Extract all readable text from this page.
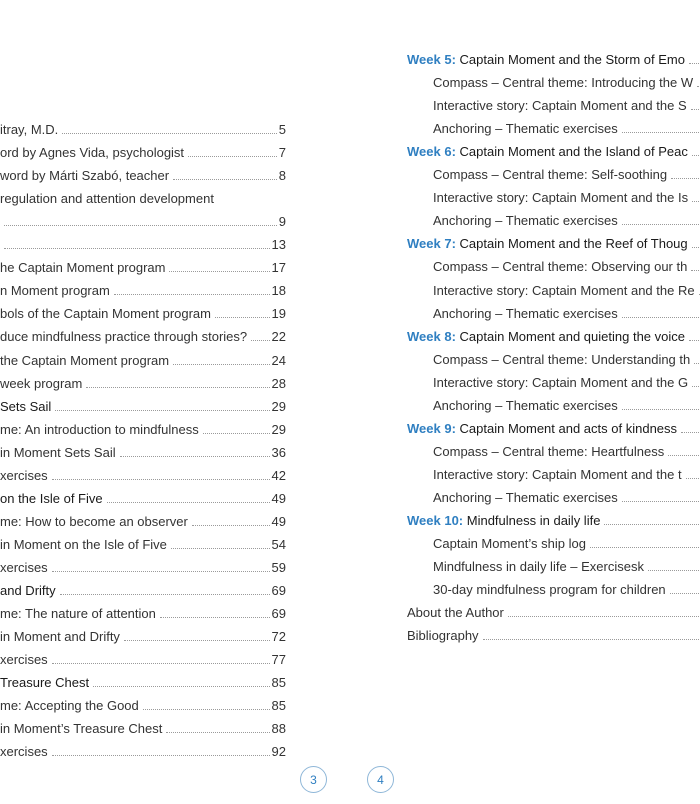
itray, M.D.	5
ord by Agnes Vida, psychologist	7
word by Márti Szabó, teacher	8
regulation and attention development
9
13
he Captain Moment program	17
n Moment program	18
bols of the Captain Moment program	19
duce mindfulness practice through stories? 22
the Captain Moment program	24
week program	28
Sets Sail	29
me: An introduction to mindfulness	29
in Moment Sets Sail	36
xercises	42
on the Isle of Five	49
me: How to become an observer	49
in Moment on the Isle of Five	54
xercises	59
and Drifty	69
me: The nature of attention	69
in Moment and Drifty	72
xercises	77
Treasure Chest	85
me: Accepting the Good	85
in Moment’s Treasure Chest	88
xercises	92
Week 5: Captain Moment and the Storm of Emo
Compass – Central theme: Introducing the W
Interactive story: Captain Moment and the S
Anchoring – Thematic exercises
Week 6: Captain Moment and the Island of Peac
Compass – Central theme: Self-soothing
Interactive story: Captain Moment and the Is
Anchoring – Thematic exercises
Week 7: Captain Moment and the Reef of Thoug
Compass – Central theme: Observing our th
Interactive story: Captain Moment and the Re
Anchoring – Thematic exercises
Week 8: Captain Moment and quieting the voice
Compass – Central theme: Understanding th
Interactive story: Captain Moment and the G
Anchoring – Thematic exercises
Week 9: Captain Moment and acts of kindness
Compass – Central theme: Heartfulness
Interactive story: Captain Moment and the t
Anchoring – Thematic exercises
Week 10: Mindfulness in daily life
Captain Moment’s ship log
Mindfulness in daily life – Exercisesk
30-day mindfulness program for children
About the Author
Bibliography
3	4
